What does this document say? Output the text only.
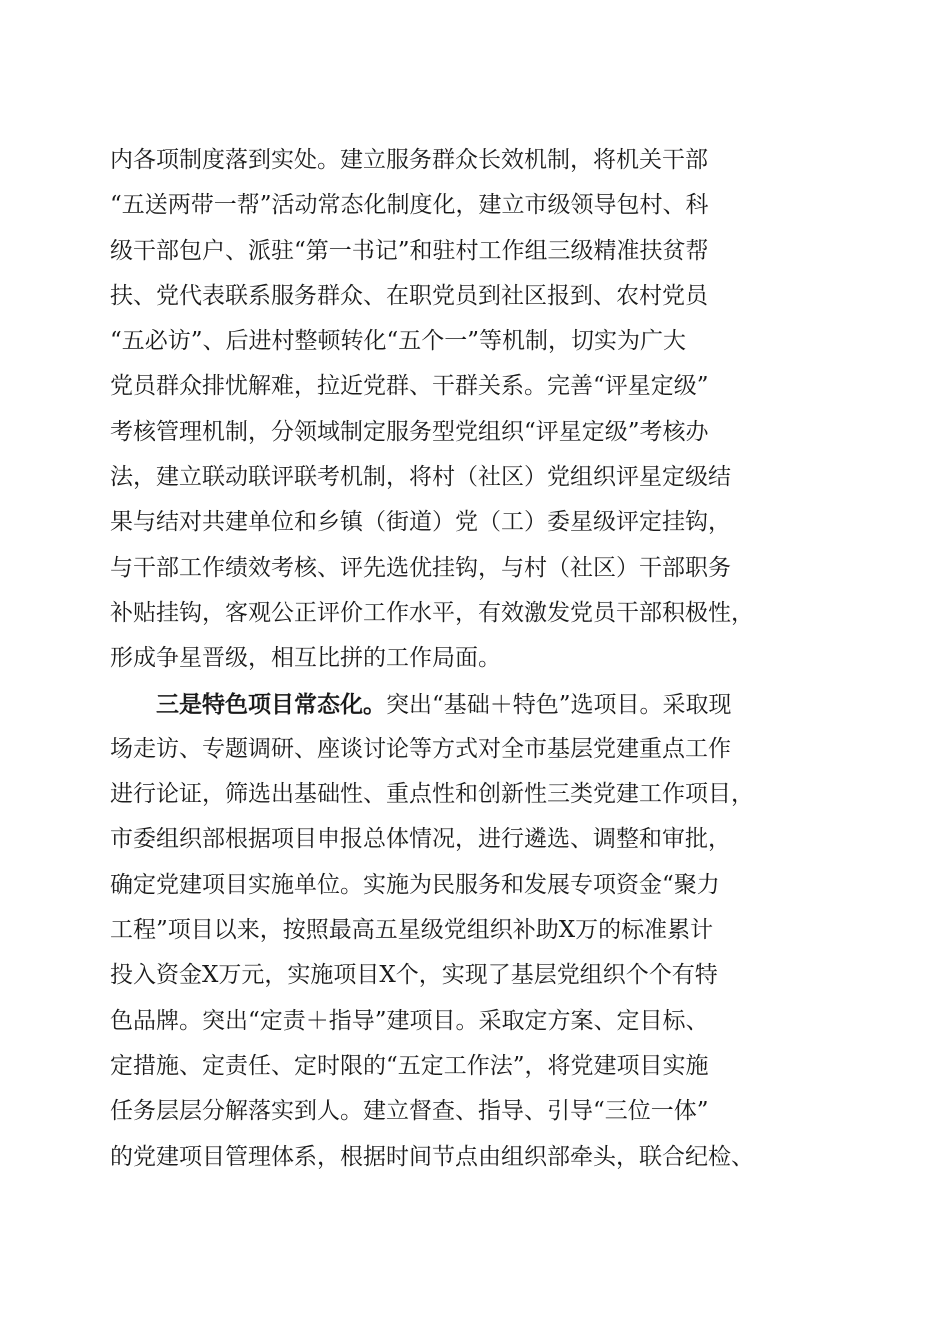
内各项制度落到实处。建立服务群众长效机制，将机关干部
“五送两带一帮”活动常态化制度化，建立市级领导包村、科
级干部包户、派驻“第一书记”和驻村工作组三级精准扶贫帮
扶、党代表联系服务群众、在职党员到社区报到、农村党员
“五必访”、后进村整顿转化“五个一”等机制，切实为广大
党员群众排忧解难，拉近党群、干群关系。完善“评星定级”
考核管理机制，分领域制定服务型党组织“评星定级”考核办
法，建立联动联评联考机制，将村（社区）党组织评星定级结
果与结对共建单位和乡镇（街道）党（工）委星级评定挂钩，
与干部工作绩效考核、评先选优挂钩，与村（社区）干部职务
补贴挂钩，客观公正评价工作水平，有效激发党员干部积极性，
形成争星晋级，相互比拼的工作局面。
三是特色项目常态化。突出“基础＋特色”选项目。采取现
场走访、专题调研、座谈讨论等方式对全市基层党建重点工作
进行论证，筛选出基础性、重点性和创新性三类党建工作项目，
市委组织部根据项目申报总体情况，进行遴选、调整和审批，
确定党建项目实施单位。实施为民服务和发展专项资金“聚力
工程”项目以来，按照最高五星级党组织补助X万的标准累计
投入资金X万元，实施项目X个，实现了基层党组织个个有特
色品牌。突出“定责＋指导”建项目。采取定方案、定目标、
定措施、定责任、定时限的“五定工作法”，将党建项目实施
任务层层分解落实到人。建立督查、指导、引导“三位一体”
的党建项目管理体系，根据时间节点由组织部牵头，联合纪检、
